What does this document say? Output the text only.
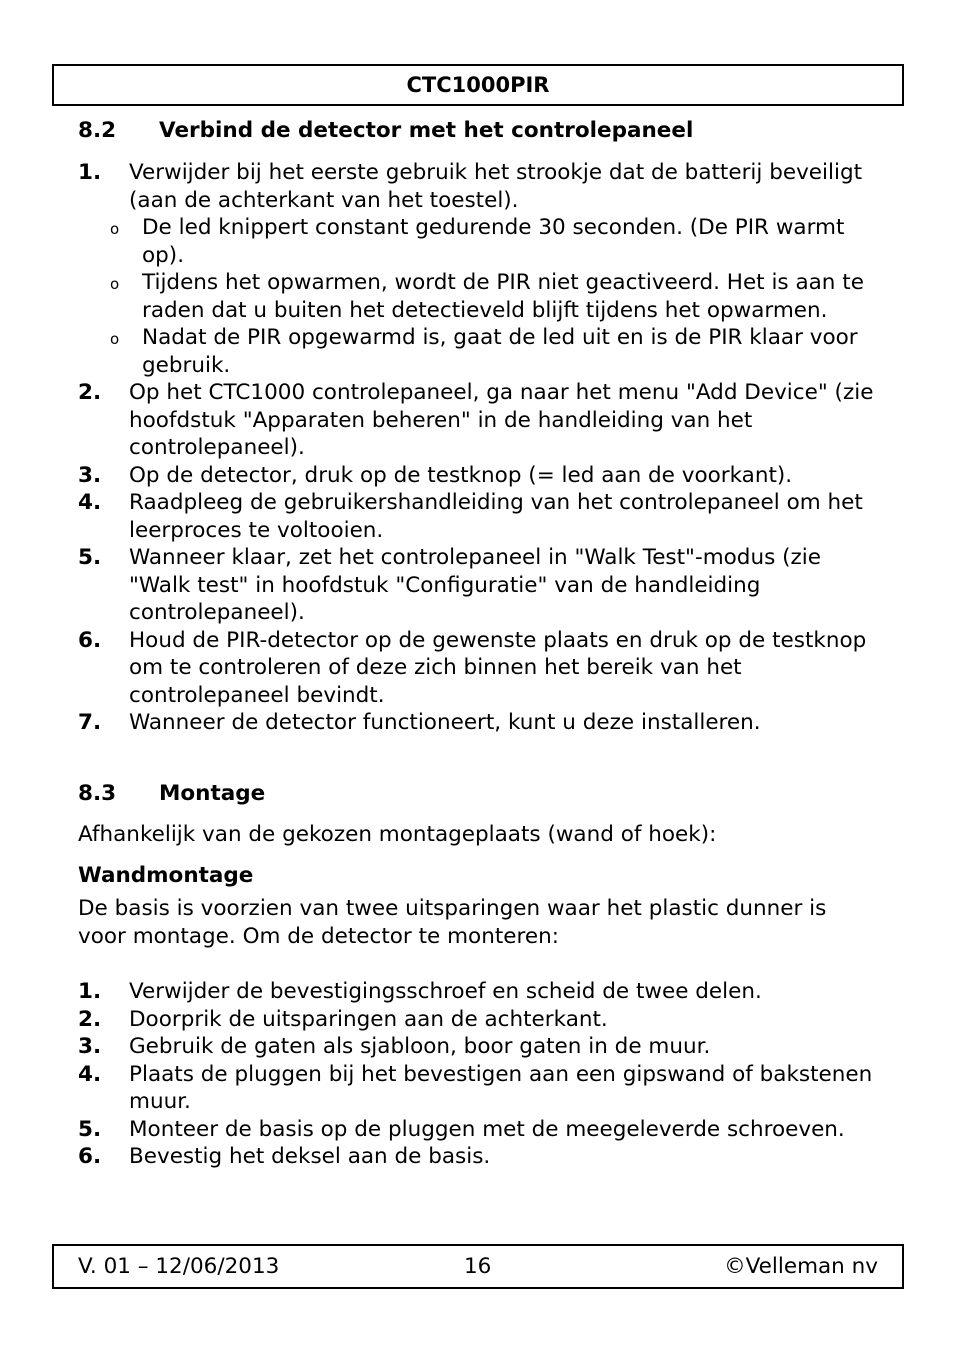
CTC1000PIR
8.2 Verbind de detector met het controlepaneel
1. Verwijder bij het eerste gebruik het strookje dat de batterij beveiligt (aan de achterkant van het toestel).
o De led knippert constant gedurende 30 seconden. (De PIR warmt op).
o Tijdens het opwarmen, wordt de PIR niet geactiveerd. Het is aan te raden dat u buiten het detectieveld blijft tijdens het opwarmen.
o Nadat de PIR opgewarmd is, gaat de led uit en is de PIR klaar voor gebruik.
2. Op het CTC1000 controlepaneel, ga naar het menu "Add Device" (zie hoofdstuk "Apparaten beheren" in de handleiding van het controlepaneel).
3. Op de detector, druk op de testknop (= led aan de voorkant).
4. Raadpleeg de gebruikershandleiding van het controlepaneel om het leerproces te voltooien.
5. Wanneer klaar, zet het controlepaneel in "Walk Test"-modus (zie "Walk test" in hoofdstuk "Configuratie" van de handleiding controlepaneel).
6. Houd de PIR-detector op de gewenste plaats en druk op de testknop om te controleren of deze zich binnen het bereik van het controlepaneel bevindt.
7. Wanneer de detector functioneert, kunt u deze installeren.
8.3 Montage
Afhankelijk van de gekozen montageplaats (wand of hoek):
Wandmontage
De basis is voorzien van twee uitsparingen waar het plastic dunner is voor montage. Om de detector te monteren:
1. Verwijder de bevestigingsschroef en scheid de twee delen.
2. Doorprik de uitsparingen aan de achterkant.
3. Gebruik de gaten als sjabloon, boor gaten in de muur.
4. Plaats de pluggen bij het bevestigen aan een gipswand of bakstenen muur.
5. Monteer de basis op de pluggen met de meegeleverde schroeven.
6. Bevestig het deksel aan de basis.
V. 01 – 12/06/2013	16	©Velleman nv
